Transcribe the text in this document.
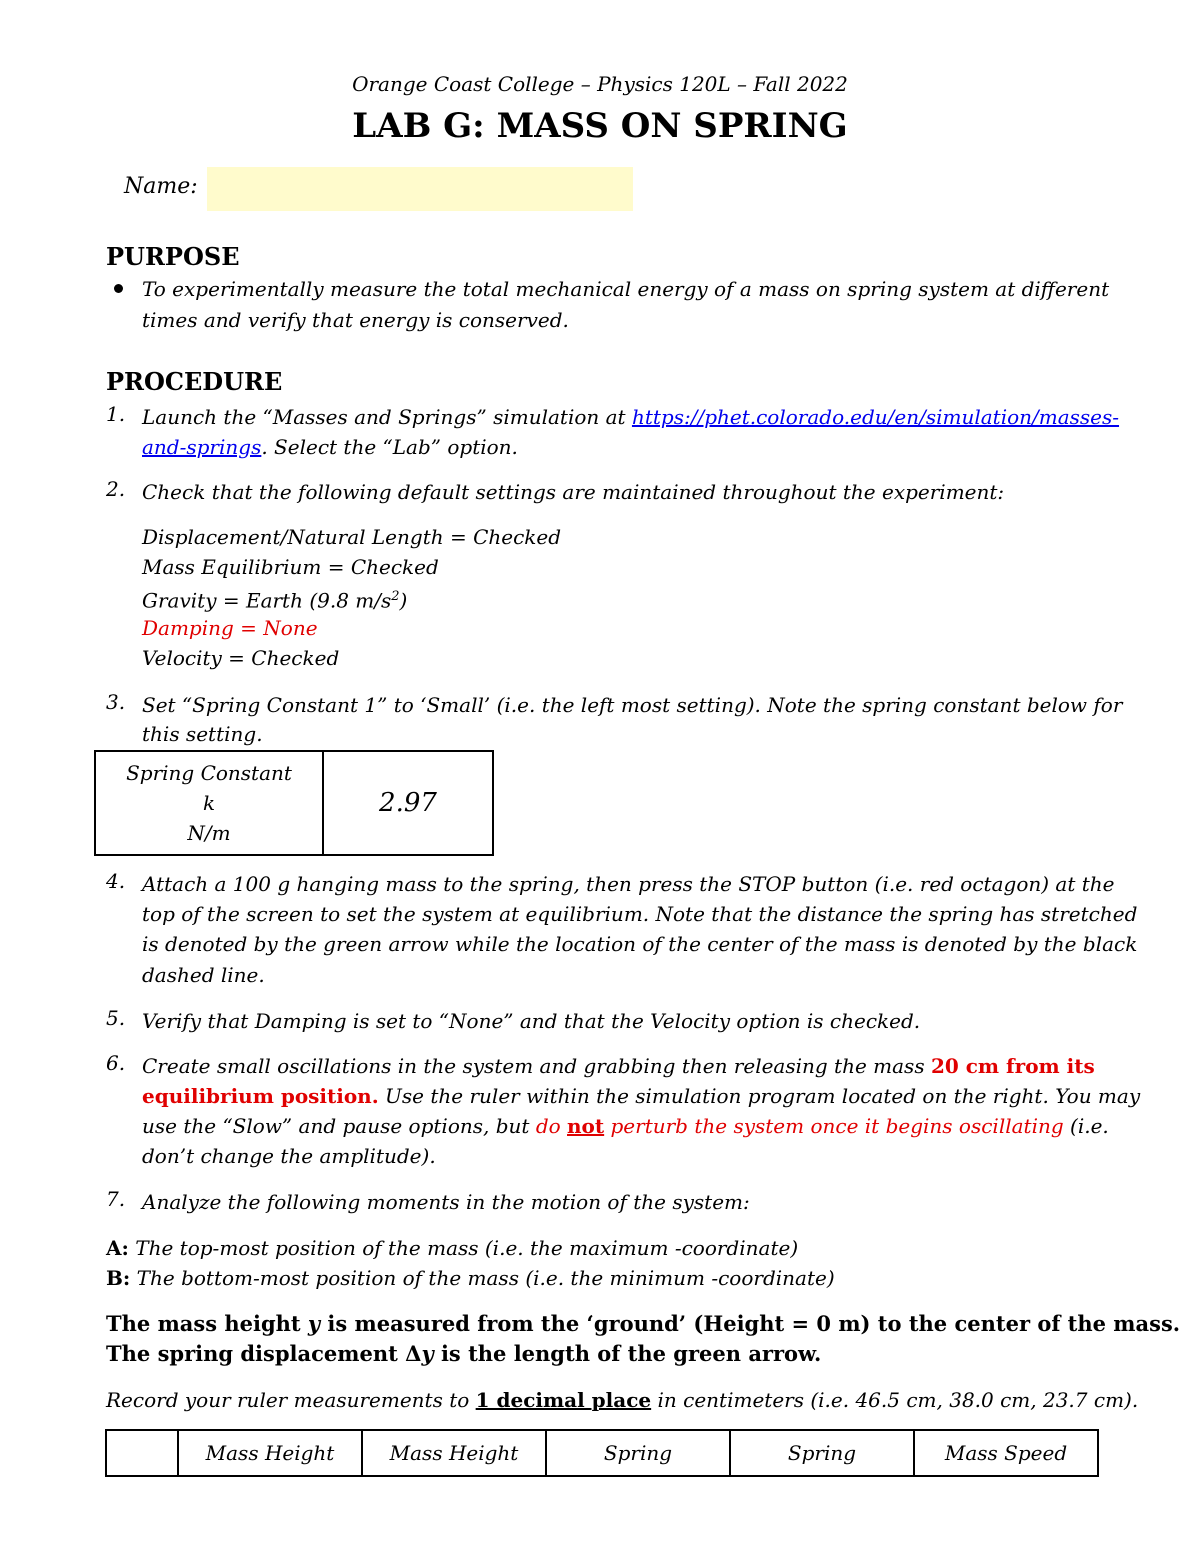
Orange Coast College – Physics 120L – Fall 2022
LAB G: MASS ON SPRING
Name:
PURPOSE
To experimentally measure the total mechanical energy of a mass on spring system at different
times and verify that energy is conserved.
PROCEDURE
1. Launch the “Masses and Springs” simulation at https://phet.colorado.edu/en/simulation/masses-
and-springs. Select the “Lab” option.
2. Check that the following default settings are maintained throughout the experiment:
Displacement/Natural Length = Checked
Mass Equilibrium = Checked
Gravity = Earth (9.8 $m/s^2$)
Damping = None
Velocity = Checked
3. Set “Spring Constant 1” to ‘Small’ (i.e. the left most setting). Note the spring constant below for
this setting.
Spring Constant
k
N/m
	2.97
4. Attach a 100 g hanging mass to the spring, then press the STOP button (i.e. red octagon) at the
top of the screen to set the system at equilibrium. Note that the distance the spring has stretched
is denoted by the green arrow while the location of the center of the mass is denoted by the black
dashed line.
5. Verify that Damping is set to “None” and that the Velocity option is checked.
6. Create small oscillations in the system and grabbing then releasing the mass 20 cm from its
equilibrium position. Use the ruler within the simulation program located on the right. You may
use the “Slow” and pause options, but do not perturb the system once it begins oscillating (i.e.
don’t change the amplitude).
7. Analyze the following moments in the motion of the system:
A: The top-most position of the mass (i.e. the maximum -coordinate)
B: The bottom-most position of the mass (i.e. the minimum -coordinate)
The mass height y is measured from the ‘ground’ (Height = 0 m) to the center of the mass.
The spring displacement Δy is the length of the green arrow.
Record your ruler measurements to 1 decimal place in centimeters (i.e. 46.5 cm, 38.0 cm, 23.7 cm).
	Mass Height	Mass Height	Spring	Spring	Mass Speed
